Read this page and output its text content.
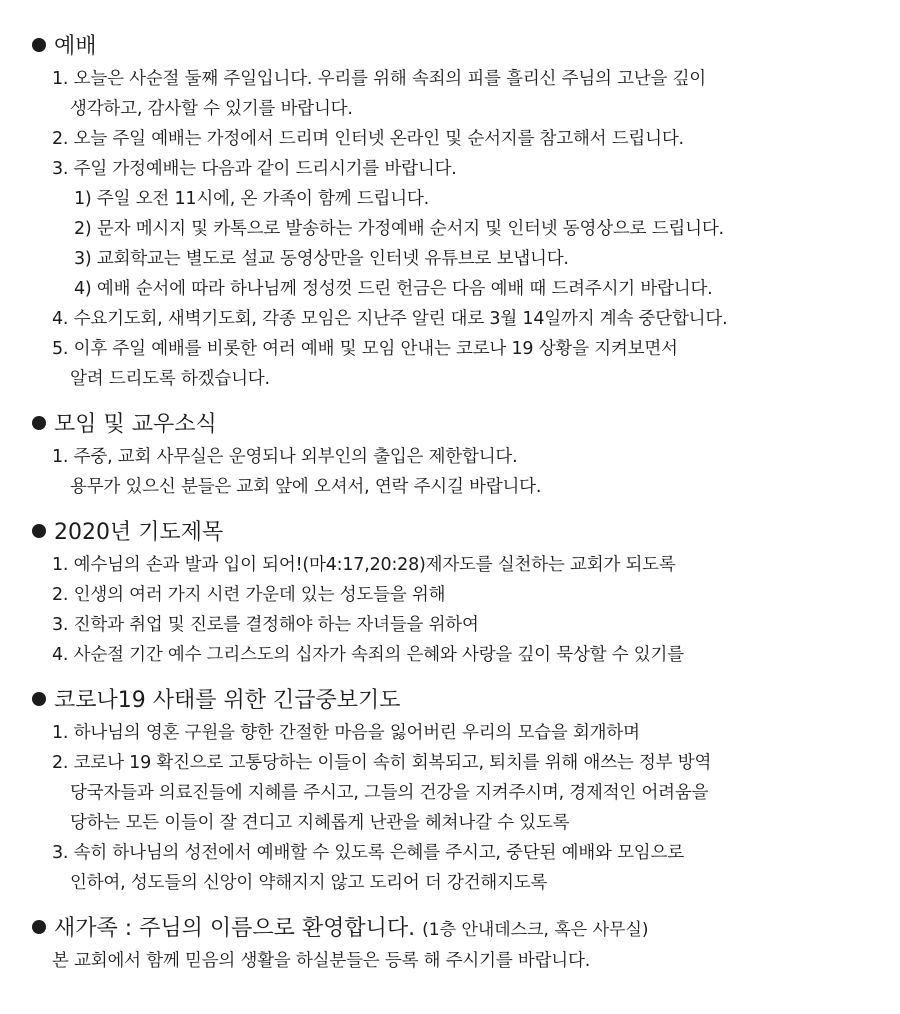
예배
1. 오늘은 사순절 둘째 주일입니다. 우리를 위해 속죄의 피를 흘리신 주님의 고난을 깊이
생각하고, 감사할 수 있기를 바랍니다.
2. 오늘 주일 예배는 가정에서 드리며 인터넷 온라인 및 순서지를 참고해서 드립니다.
3. 주일 가정예배는 다음과 같이 드리시기를 바랍니다.
1) 주일 오전 11시에, 온 가족이 함께 드립니다.
2) 문자 메시지 및 카톡으로 발송하는 가정예배 순서지 및 인터넷 동영상으로 드립니다.
3) 교회학교는 별도로 설교 동영상만을 인터넷 유튜브로 보냅니다.
4) 예배 순서에 따라 하나님께 정성껏 드린 헌금은 다음 예배 때 드려주시기 바랍니다.
4. 수요기도회, 새벽기도회, 각종 모임은 지난주 알린 대로 3월 14일까지 계속 중단합니다.
5. 이후 주일 예배를 비롯한 여러 예배 및 모임 안내는 코로나 19 상황을 지켜보면서
알려 드리도록 하겠습니다.
모임 및 교우소식
1. 주중, 교회 사무실은 운영되나 외부인의 출입은 제한합니다.
용무가 있으신 분들은 교회 앞에 오셔서, 연락 주시길 바랍니다.
2020년 기도제목
1. 예수님의 손과 발과 입이 되어!(마4:17,20:28)제자도를 실천하는 교회가 되도록
2. 인생의 여러 가지 시련 가운데 있는 성도들을 위해
3. 진학과 취업 및 진로를 결정해야 하는 자녀들을 위하여
4. 사순절 기간 예수 그리스도의 십자가 속죄의 은혜와 사랑을 깊이 묵상할 수 있기를
코로나19 사태를 위한 긴급중보기도
1. 하나님의 영혼 구원을 향한 간절한 마음을 잃어버린 우리의 모습을 회개하며
2. 코로나 19 확진으로 고통당하는 이들이 속히 회복되고, 퇴치를 위해 애쓰는 정부 방역
당국자들과 의료진들에 지혜를 주시고, 그들의 건강을 지켜주시며, 경제적인 어려움을
당하는 모든 이들이 잘 견디고 지혜롭게 난관을 헤쳐나갈 수 있도록
3. 속히 하나님의 성전에서 예배할 수 있도록 은혜를 주시고, 중단된 예배와 모임으로
인하여, 성도들의 신앙이 약해지지 않고 도리어 더 강건해지도록
새가족 : 주님의 이름으로 환영합니다. (1층 안내데스크, 혹은 사무실)
본 교회에서 함께 믿음의 생활을 하실분들은 등록 해 주시기를 바랍니다.
